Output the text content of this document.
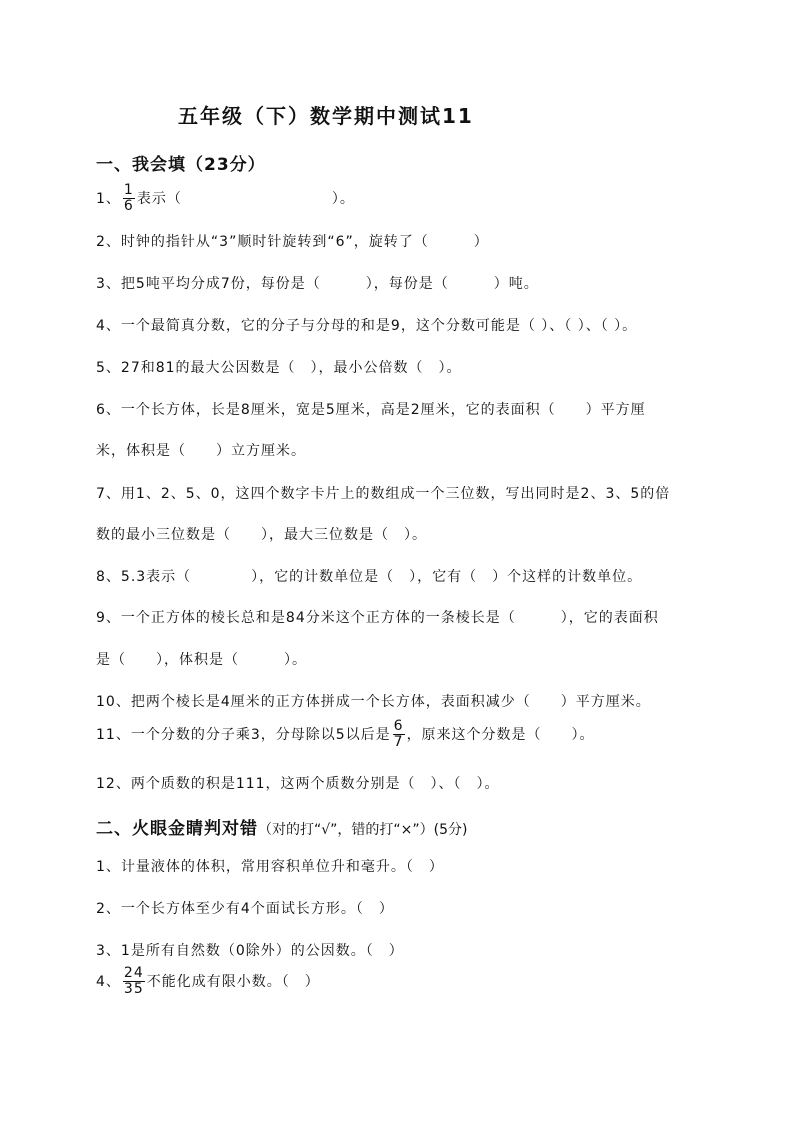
五年级（下）数学期中测试11
一、我会填（23分）
1、 $\frac{1}{6}$ 表示（　　　　　　　　　　）。
2、时钟的指针从“3”顺时针旋转到“6”，旋转了（　　　）
3、把5吨平均分成7份，每份是（　　　），每份是（　　　）吨。
4、一个最简真分数，它的分子与分母的和是9，这个分数可能是（ ）、（ ）、（ ）。
5、27和81的最大公因数是（　），最小公倍数（　）。
6、一个长方体，长是8厘米，宽是5厘米，高是2厘米，它的表面积（　　）平方厘
米，体积是（　　）立方厘米。
7、用1、2、5、0，这四个数字卡片上的数组成一个三位数，写出同时是2、3、5的倍
数的最小三位数是（　　），最大三位数是（　）。
8、5.3表示（　　　　），它的计数单位是（　），它有（　）个这样的计数单位。
9、一个正方体的棱长总和是84分米这个正方体的一条棱长是（　　　），它的表面积
是（　　），体积是（　　　）。
10、把两个棱长是4厘米的正方体拼成一个长方体，表面积减少（　　）平方厘米。
11、一个分数的分子乘3，分母除以5以后是 $\frac{6}{7}$ ，原来这个分数是（　　）。
12、两个质数的积是111，这两个质数分别是（　）、（　）。
二、火眼金睛判对错（对的打“√”，错的打“×”）(5分)
1、计量液体的体积，常用容积单位升和毫升。（　）
2、一个长方体至少有4个面试长方形。（　）
3、1是所有自然数（0除外）的公因数。（　）
4、 $\frac{24}{35}$ 不能化成有限小数。（　）
